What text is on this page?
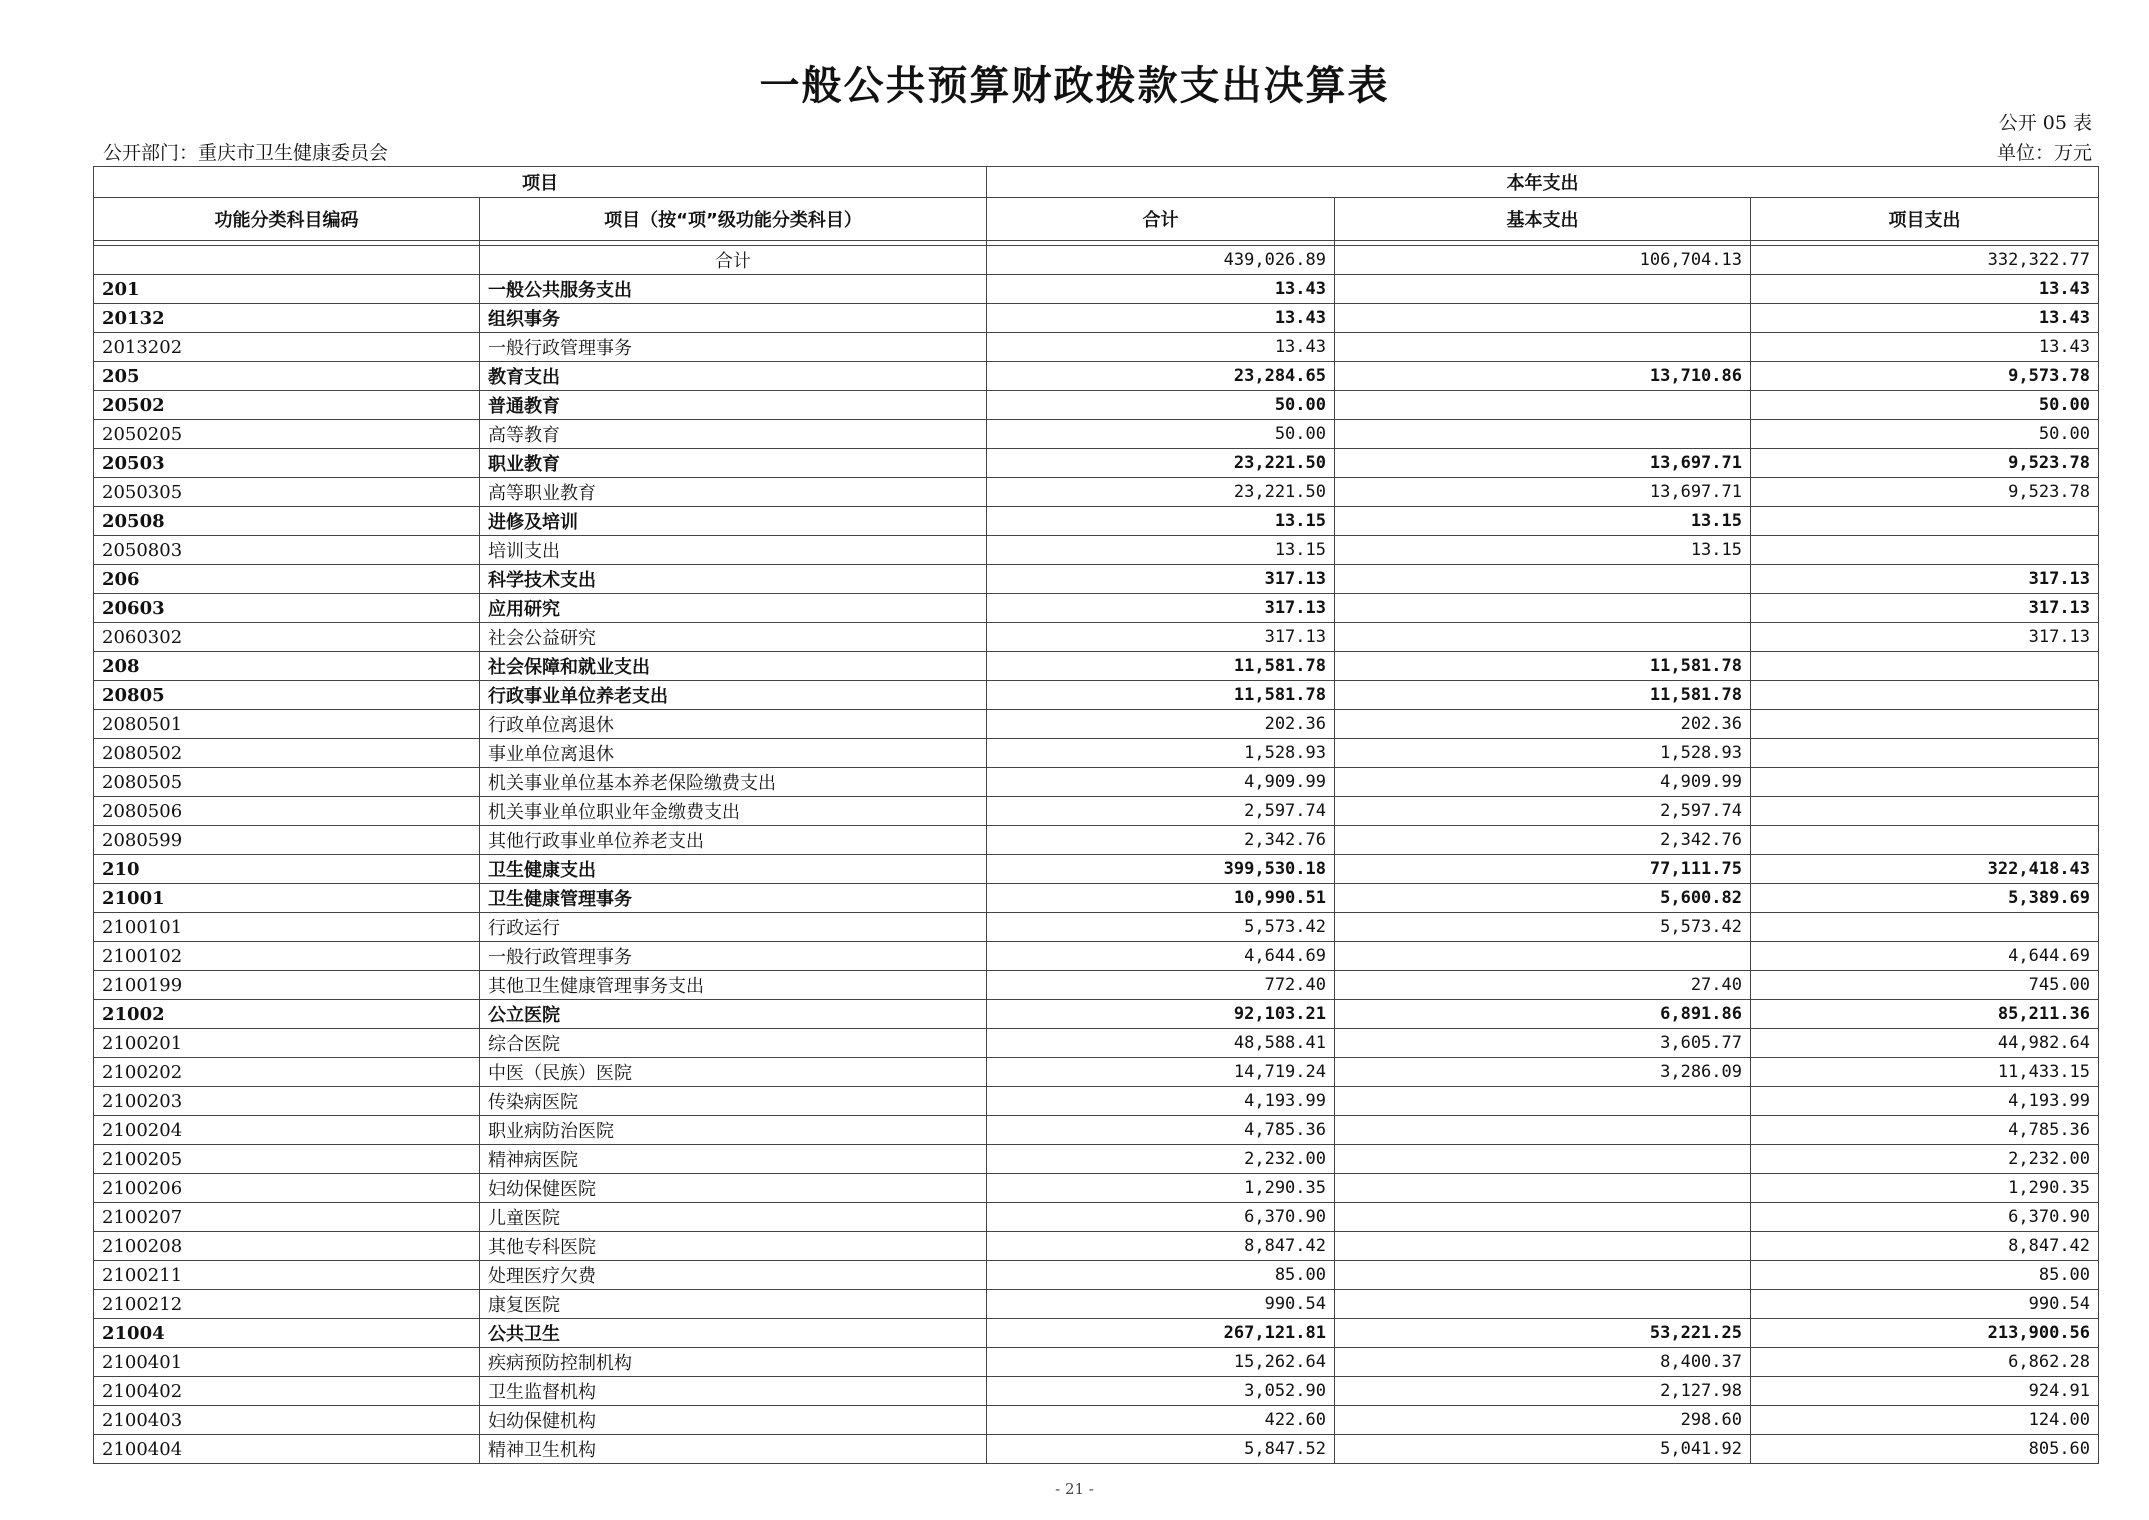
一般公共预算财政拨款支出决算表
公开 05 表
公开部门：重庆市卫生健康委员会	单位：万元
项目		本年支出		
功能分类科目编码	项目（按“项”级功能分类科目）	合计	基本支出	项目支出

	合计	439,026.89	106,704.13	332,322.77
201	一般公共服务支出	13.43		13.43
20132	组织事务	13.43		13.43
2013202	一般行政管理事务	13.43		13.43
205	教育支出	23,284.65	13,710.86	9,573.78
20502	普通教育	50.00		50.00
2050205	高等教育	50.00		50.00
20503	职业教育	23,221.50	13,697.71	9,523.78
2050305	高等职业教育	23,221.50	13,697.71	9,523.78
20508	进修及培训	13.15	13.15	
2050803	培训支出	13.15	13.15	
206	科学技术支出	317.13		317.13
20603	应用研究	317.13		317.13
2060302	社会公益研究	317.13		317.13
208	社会保障和就业支出	11,581.78	11,581.78	
20805	行政事业单位养老支出	11,581.78	11,581.78	
2080501	行政单位离退休	202.36	202.36	
2080502	事业单位离退休	1,528.93	1,528.93	
2080505	机关事业单位基本养老保险缴费支出	4,909.99	4,909.99	
2080506	机关事业单位职业年金缴费支出	2,597.74	2,597.74	
2080599	其他行政事业单位养老支出	2,342.76	2,342.76	
210	卫生健康支出	399,530.18	77,111.75	322,418.43
21001	卫生健康管理事务	10,990.51	5,600.82	5,389.69
2100101	行政运行	5,573.42	5,573.42	
2100102	一般行政管理事务	4,644.69		4,644.69
2100199	其他卫生健康管理事务支出	772.40	27.40	745.00
21002	公立医院	92,103.21	6,891.86	85,211.36
2100201	综合医院	48,588.41	3,605.77	44,982.64
2100202	中医（民族）医院	14,719.24	3,286.09	11,433.15
2100203	传染病医院	4,193.99		4,193.99
2100204	职业病防治医院	4,785.36		4,785.36
2100205	精神病医院	2,232.00		2,232.00
2100206	妇幼保健医院	1,290.35		1,290.35
2100207	儿童医院	6,370.90		6,370.90
2100208	其他专科医院	8,847.42		8,847.42
2100211	处理医疗欠费	85.00		85.00
2100212	康复医院	990.54		990.54
21004	公共卫生	267,121.81	53,221.25	213,900.56
2100401	疾病预防控制机构	15,262.64	8,400.37	6,862.28
2100402	卫生监督机构	3,052.90	2,127.98	924.91
2100403	妇幼保健机构	422.60	298.60	124.00
2100404	精神卫生机构	5,847.52	5,041.92	805.60
- 21 -
